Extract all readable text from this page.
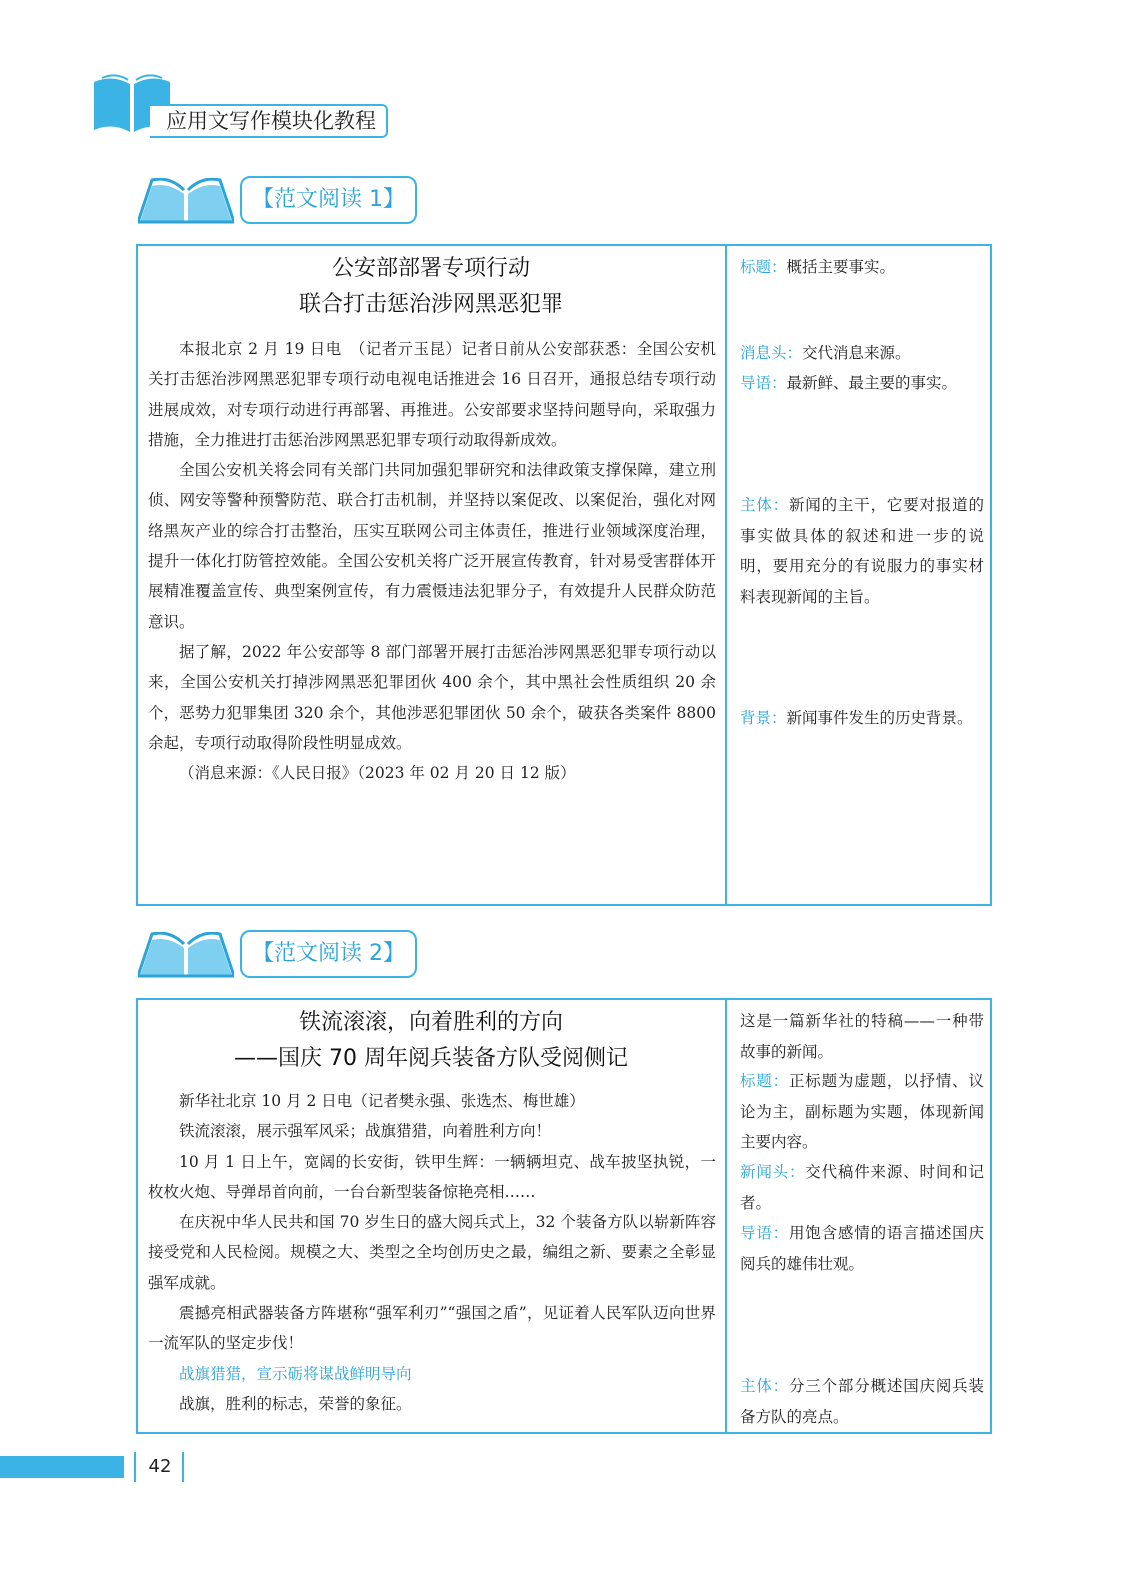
应用文写作模块化教程
【范文阅读 1】
公安部部署专项行动
联合打击惩治涉网黑恶犯罪
本报北京 2 月 19 日电　（记者亓玉昆）记者日前从公安部获悉：全国公安机关打击惩治涉网黑恶犯罪专项行动电视电话推进会 16 日召开，通报总结专项行动进展成效，对专项行动进行再部署、再推进。公安部要求坚持问题导向，采取强力措施，全力推进打击惩治涉网黑恶犯罪专项行动取得新成效。
全国公安机关将会同有关部门共同加强犯罪研究和法律政策支撑保障，建立刑侦、网安等警种预警防范、联合打击机制，并坚持以案促改、以案促治，强化对网络黑灰产业的综合打击整治，压实互联网公司主体责任，推进行业领域深度治理，提升一体化打防管控效能。全国公安机关将广泛开展宣传教育，针对易受害群体开展精准覆盖宣传、典型案例宣传，有力震慑违法犯罪分子，有效提升人民群众防范意识。
据了解，2022 年公安部等 8 部门部署开展打击惩治涉网黑恶犯罪专项行动以来，全国公安机关打掉涉网黑恶犯罪团伙 400 余个，其中黑社会性质组织 20 余个，恶势力犯罪集团 320 余个，其他涉恶犯罪团伙 50 余个，破获各类案件 8800 余起，专项行动取得阶段性明显成效。
（消息来源：《人民日报》（2023 年 02 月 20 日 12 版）
标题：概括主要事实。
消息头：交代消息来源。
导语：最新鲜、最主要的事实。
主体：新闻的主干，它要对报道的事实做具体的叙述和进一步的说明，要用充分的有说服力的事实材料表现新闻的主旨。
背景：新闻事件发生的历史背景。
【范文阅读 2】
铁流滚滚，向着胜利的方向
——国庆 70 周年阅兵装备方队受阅侧记
新华社北京 10 月 2 日电（记者樊永强、张选杰、梅世雄）
铁流滚滚，展示强军风采；战旗猎猎，向着胜利方向！
10 月 1 日上午，宽阔的长安街，铁甲生辉：一辆辆坦克、战车披坚执锐，一枚枚火炮、导弹昂首向前，一台台新型装备惊艳亮相……
在庆祝中华人民共和国 70 岁生日的盛大阅兵式上，32 个装备方队以崭新阵容接受党和人民检阅。规模之大、类型之全均创历史之最，编组之新、要素之全彰显强军成就。
震撼亮相武器装备方阵堪称“强军利刃”“强国之盾”，见证着人民军队迈向世界一流军队的坚定步伐！
战旗猎猎，宣示砺将谋战鲜明导向
战旗，胜利的标志，荣誉的象征。
这是一篇新华社的特稿——一种带故事的新闻。
标题：正标题为虚题，以抒情、议论为主，副标题为实题，体现新闻主要内容。
新闻头：交代稿件来源、时间和记者。
导语：用饱含感情的语言描述国庆阅兵的雄伟壮观。
主体：分三个部分概述国庆阅兵装备方队的亮点。
42
